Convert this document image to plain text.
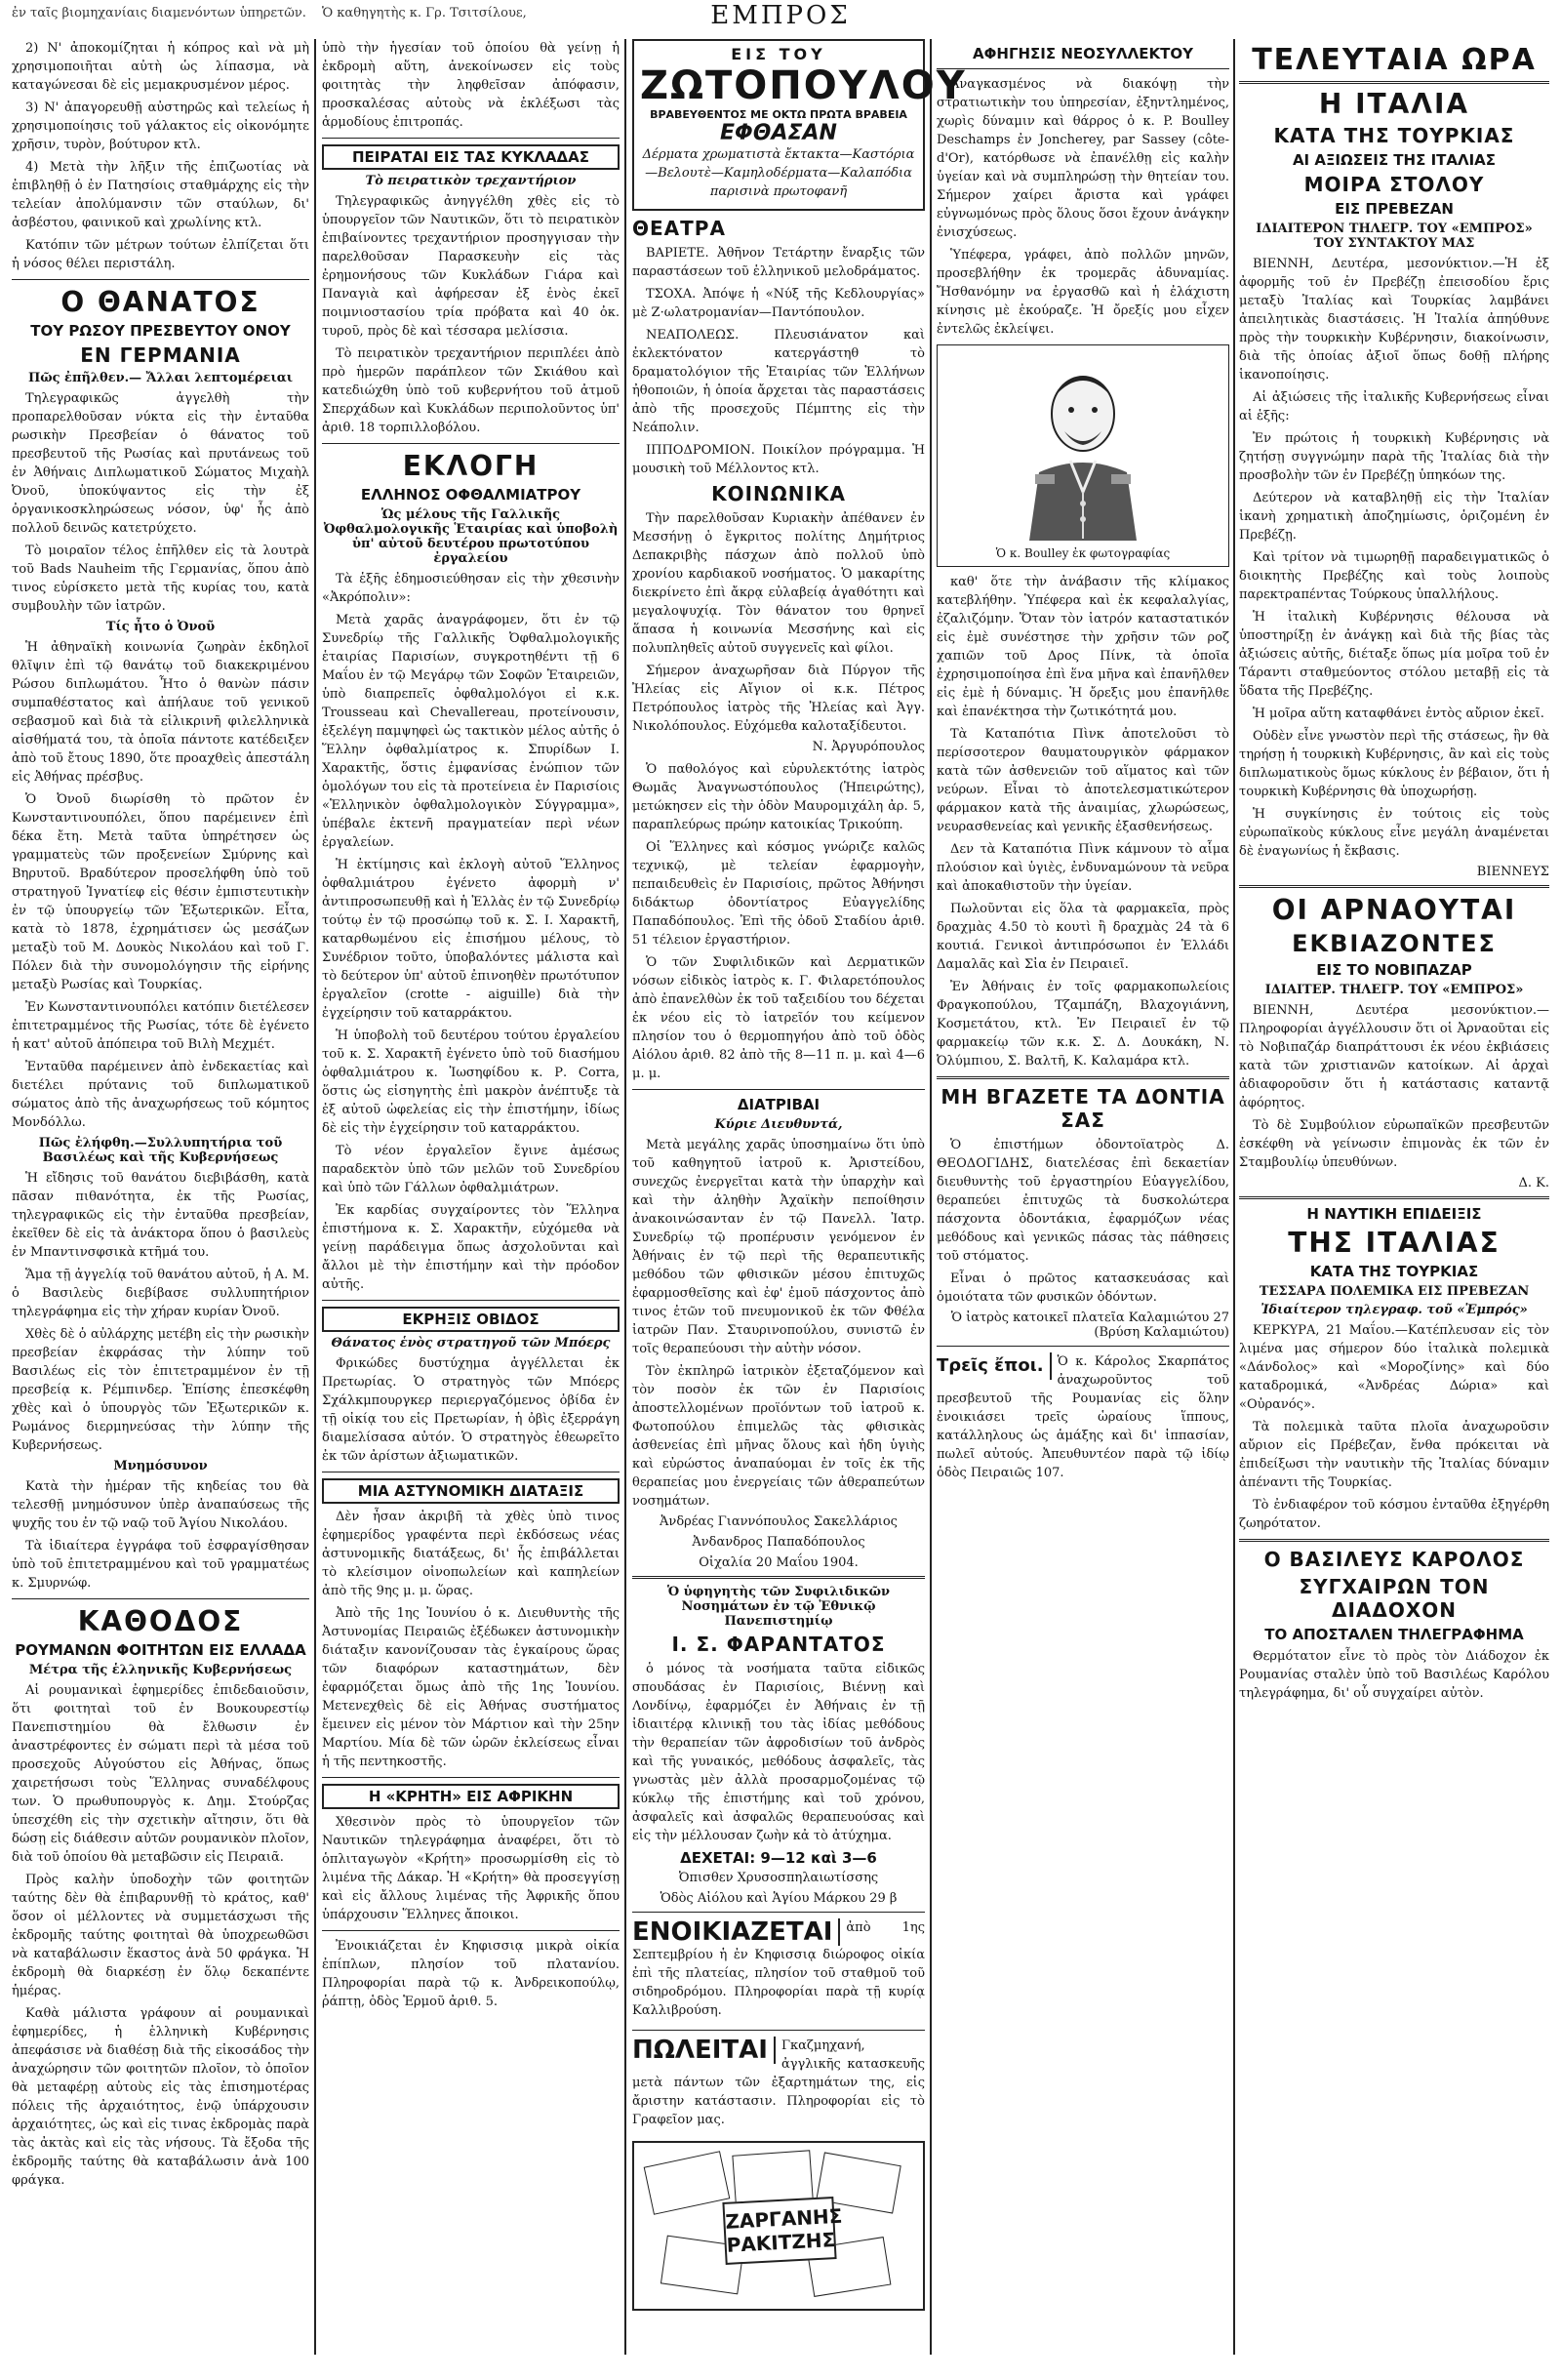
ἐν ταῖς βιομηχανίαις διαμενόντων ὑπηρετῶν. Ὁ καθηγητὴς κ. Γρ. Τσιτσίλουε,	ΕΜΠΡΟΣ

2) Ν' ἀποκομίζηται ἡ κόπρος καὶ νὰ μὴ χρησιμοποιῆται αὐτὴ ὡς λίπασμα, νὰ καταγώνεσαι δὲ εἰς μεμακρυσμένον μέρος.

3) Ν' ἀπαγορευθῇ αὐστηρῶς καὶ τελείως ἡ χρησιμοποίησις τοῦ γάλακτος εἰς οἰκονόμητε χρῆσιν, τυρὸν, βούτυρον κτλ.

4) Μετὰ τὴν λῆξιν τῆς ἐπιζωοτίας νὰ ἐπιβληθῇ ὁ ἐν Πατησίοις σταθμάρχης εἰς τὴν τελείαν ἀπολύμανσιν τῶν σταύλων, δι' ἀσβέστου, φαινικοῦ καὶ χρωλίνης κτλ.

Κατόπιν τῶν μέτρων τούτων ἐλπίζεται ὅτι ἡ νόσος θέλει περιστάλη.

Ο ΘΑΝΑΤΟΣ
ΤΟΥ ΡΩΣΟΥ ΠΡΕΣΒΕΥΤΟΥ ΟΝΟΥ
ΕΝ ΓΕΡΜΑΝΙΑ
Πῶς ἐπῆλθεν.— Ἄλλαι λεπτομέρειαι

Τηλεγραφικῶς ἀγγελθὴ τὴν προπαρελθοῦσαν νύκτα εἰς τὴν ἐνταῦθα ρωσικὴν Πρεσβείαν ὁ θάνατος τοῦ πρεσβευτοῦ τῆς Ρωσίας καὶ πρυτάνεως τοῦ ἐν Ἀθήναις Διπλωματικοῦ Σώματος Μιχαὴλ Ὀνοῦ, ὑποκύψαντος εἰς τὴν ἐξ ὀργανικοσκληρώσεως νόσον, ὑφ' ἧς ἀπὸ πολλοῦ δεινῶς κατετρύχετο.

Τὸ μοιραῖον τέλος ἐπῆλθεν εἰς τὰ λουτρὰ τοῦ Bads Nauheim τῆς Γερμανίας, ὅπου ἀπὸ τινος εὑρίσκετο μετὰ τῆς κυρίας του, κατὰ συμβουλὴν τῶν ἰατρῶν.

Τίς ἦτο ὁ Ὀνοῦ

Ἡ ἀθηναϊκὴ κοινωνία ζωηρὰν ἐκδηλοῖ θλῖψιν ἐπὶ τῷ θανάτῳ τοῦ διακεκριμένου Ρώσου διπλωμάτου. Ἦτο ὁ θανὼν πάσιν συμπαθέστατος καὶ ἀπήλαυε τοῦ γενικοῦ σεβασμοῦ καὶ διὰ τὰ εἰλικρινῆ φιλελληνικὰ αἰσθήματά του, τὰ ὁποῖα πάντοτε κατέδειξεν ἀπὸ τοῦ ἔτους 1890, ὅτε προαχθεὶς ἀπεστάλη εἰς Ἀθήνας πρέσβυς.

Ὁ Ὀνοῦ διωρίσθη τὸ πρῶτον ἐν Κωνσταντινουπόλει, ὅπου παρέμεινεν ἐπὶ δέκα ἔτη. Μετὰ ταῦτα ὑπηρέτησεν ὡς γραμματεὺς τῶν προξενείων Σμύρνης καὶ Βηρυτοῦ. Βραδύτερον προσελήφθη ὑπὸ τοῦ στρατηγοῦ Ἰγνατίεφ εἰς θέσιν ἐμπιστευτικὴν ἐν τῷ ὑπουργείῳ τῶν Ἐξωτερικῶν. Εἶτα, κατὰ τὸ 1878, ἐχρημάτισεν ὡς μεσάζων μεταξὺ τοῦ Μ. Δουκὸς Νικολάου καὶ τοῦ Γ. Πόλεν διὰ τὴν συνομολόγησιν τῆς εἰρήνης μεταξὺ Ρωσίας καὶ Τουρκίας.

Ἐν Κωνσταντινουπόλει κατόπιν διετέλεσεν ἐπιτετραμμένος τῆς Ρωσίας, τότε δὲ ἐγένετο ἡ κατ' αὐτοῦ ἀπόπειρα τοῦ Βιλὴ Μεχμέτ.

Ἐνταῦθα παρέμεινεν ἀπὸ ἐνδεκαετίας καὶ διετέλει πρύτανις τοῦ διπλωματικοῦ σώματος ἀπὸ τῆς ἀναχωρήσεως τοῦ κόμητος Μονδόλλω.

Πῶς ἐλήφθη.—Συλλυπητήρια τοῦ Βασιλέως καὶ τῆς Κυβερνήσεως

Ἡ εἴδησις τοῦ θανάτου διεβιβάσθη, κατὰ πᾶσαν πιθανότητα, ἐκ τῆς Ρωσίας, τηλεγραφικῶς εἰς τὴν ἐνταῦθα πρεσβείαν, ἐκεῖθεν δὲ εἰς τὰ ἀνάκτορα ὅπου ὁ βασιλεὺς ἐν Μπαντινσφσικὰ κτῆμά του.

Ἅμα τῇ ἀγγελίᾳ τοῦ θανάτου αὐτοῦ, ἡ Α. Μ. ὁ Βασιλεὺς διεβίβασε συλλυπητήριον τηλεγράφημα εἰς τὴν χήραν κυρίαν Ὀνοῦ.

Χθὲς δὲ ὁ αὐλάρχης μετέβη εἰς τὴν ρωσικὴν πρεσβείαν ἐκφράσας τὴν λύπην τοῦ Βασιλέως εἰς τὸν ἐπιτετραμμένον ἐν τῇ πρεσβείᾳ κ. Ρέμπινδερ. Ἐπίσης ἐπεσκέφθη χθὲς καὶ ὁ ὑπουργὸς τῶν Ἐξωτερικῶν κ. Ρωμάνος διερμηνεύσας τὴν λύπην τῆς Κυβερνήσεως.

Μνημόσυνον

Κατὰ τὴν ἡμέραν τῆς κηδείας του θὰ τελεσθῇ μνημόσυνον ὑπὲρ ἀναπαύσεως τῆς ψυχῆς του ἐν τῷ ναῷ τοῦ Ἁγίου Νικολάου.

Τὰ ἰδιαίτερα ἐγγράφα τοῦ ἐσφραγίσθησαν ὑπὸ τοῦ ἐπιτετραμμένου καὶ τοῦ γραμματέως κ. Σμυρνώφ.

ΚΑΘΟΔΟΣ
ΡΟΥΜΑΝΩΝ ΦΟΙΤΗΤΩΝ ΕΙΣ ΕΛΛΑΔΑ
Μέτρα τῆς ἑλληνικῆς Κυβερνήσεως

Αἱ ρουμανικαὶ ἐφημερίδες ἐπιδεδαιοῦσιν, ὅτι φοιτηταὶ τοῦ ἐν Βουκουρεστίῳ Πανεπιστημίου θὰ ἔλθωσιν ἐν ἀναστρέφοντες ἐν σώματι περὶ τὰ μέσα τοῦ προσεχοῦς Αὐγούστου εἰς Ἀθήνας, ὅπως χαιρετήσωσι τοὺς Ἕλληνας συναδέλφους των. Ὁ πρωθυπουργὸς κ. Δημ. Στούρζας ὑπεσχέθη εἰς τὴν σχετικὴν αἴτησιν, ὅτι θὰ δώσῃ εἰς διάθεσιν αὐτῶν ρουμανικὸν πλοῖον, διὰ τοῦ ὁποίου θὰ μεταβῶσιν εἰς Πειραιᾶ.

Πρὸς καλὴν ὑποδοχὴν τῶν φοιτητῶν ταύτης δὲν θὰ ἐπιβαρυνθῇ τὸ κράτος, καθ' ὅσον οἱ μέλλοντες νὰ συμμετάσχωσι τῆς ἐκδρομῆς ταύτης φοιτηταὶ θὰ ὑποχρεωθῶσι νὰ καταβάλωσιν ἕκαστος ἀνὰ 50 φράγκα. Ἡ ἐκδρομὴ θὰ διαρκέσῃ ἐν ὅλῳ δεκαπέντε ἡμέρας.

Καθὰ μάλιστα γράφουν αἱ ρουμανικαὶ ἐφημερίδες, ἡ ἑλληνικὴ Κυβέρνησις ἀπεφάσισε νὰ διαθέσῃ διὰ τῆς εἰκοσάδος τὴν ἀναχώρησιν τῶν φοιτητῶν πλοῖον, τὸ ὁποῖον θὰ μεταφέρῃ αὐτοὺς εἰς τὰς ἐπισημοτέρας πόλεις τῆς ἀρχαιότητος, ἐνῷ ὑπάρχουσιν ἀρχαιότητες, ὡς καὶ εἰς τινας ἐκδρομὰς παρὰ τὰς ἀκτὰς καὶ εἰς τὰς νήσους. Τὰ ἔξοδα τῆς ἐκδρομῆς ταύτης θὰ καταβάλωσιν ἀνὰ 100 φράγκα.

ὑπὸ τὴν ἡγεσίαν τοῦ ὁποίου θὰ γείνῃ ἡ ἐκδρομὴ αὕτη, ἀνεκοίνωσεν εἰς τοὺς φοιτητὰς τὴν ληφθεῖσαν ἀπόφασιν, προσκαλέσας αὐτοὺς νὰ ἐκλέξωσι τὰς ἁρμοδίους ἐπιτροπάς.

ΠΕΙΡΑΤΑΙ ΕΙΣ ΤΑΣ ΚΥΚΛΑΔΑΣ
Τὸ πειρατικὸν τρεχαντήριον

Τηλεγραφικῶς ἀνηγγέλθη χθὲς εἰς τὸ ὑπουργεῖον τῶν Ναυτικῶν, ὅτι τὸ πειρατικὸν ἐπιβαίνοντες τρεχαντήριον προσηγγισαν τὴν παρελθοῦσαν Παρασκευὴν εἰς τὰς ἐρημονήσους τῶν Κυκλάδων Γιάρα καὶ Παναγιὰ καὶ ἀφήρεσαν ἐξ ἑνὸς ἐκεῖ ποιμνιοστασίου τρία πρόβατα καὶ 40 ὀκ. τυροῦ, πρὸς δὲ καὶ τέσσαρα μελίσσια.

Τὸ πειρατικὸν τρεχαντήριον περιπλέει ἀπὸ πρὸ ἡμερῶν παράπλεον τῶν Σκιάθου καὶ κατεδιώχθη ὑπὸ τοῦ κυβερνήτου τοῦ ἀτμοῦ Σπερχάδων καὶ Κυκλάδων περιπολοῦντος ὑπ' ἀριθ. 18 τορπιλλοβόλου.

ΕΚΛΟΓΗ
ΕΛΛΗΝΟΣ ΟΦΘΑΛΜΙΑΤΡΟΥ
Ὡς μέλους τῆς Γαλλικῆς Ὀφθαλμολογικῆς Ἑταιρίας καὶ ὑποβολὴ ὑπ' αὐτοῦ δευτέρου πρωτοτύπου ἐργαλείου

Τὰ ἑξῆς ἐδημοσιεύθησαν εἰς τὴν χθεσινὴν «Ἀκρόπολιν»:

Μετὰ χαρᾶς ἀναγράφομεν, ὅτι ἐν τῷ Συνεδρίῳ τῆς Γαλλικῆς Ὀφθαλμολογικῆς ἑταιρίας Παρισίων, συγκροτηθέντι τῇ 6 Μαΐου ἐν τῷ Μεγάρῳ τῶν Σοφῶν Ἑταιρειῶν, ὑπὸ διαπρεπεῖς ὀφθαλμολόγοι εἰ κ.κ. Trousseau καὶ Chevallereau, προτείνουσιν, ἐξελέγη παμψηφεὶ ὡς τακτικὸν μέλος αὐτῆς ὁ Ἕλλην ὀφθαλμίατρος κ. Σπυρίδων Ι. Χαρακτῆς, ὅστις ἐμφανίσας ἐνώπιον τῶν ὁμολόγων του εἰς τὰ προτείνεια ἐν Παρισίοις «Ἑλληνικὸν ὀφθαλμολογικὸν Σύγγραμμα», ὑπέβαλε ἐκτενῆ πραγματείαν περὶ νέων ἐργαλείων.

Ἡ ἐκτίμησις καὶ ἐκλογὴ αὐτοῦ Ἕλληνος ὀφθαλμιάτρου ἐγένετο ἀφορμὴ ν' ἀντιπροσωπευθῇ καὶ ἡ Ἑλλὰς ἐν τῷ Συνεδρίῳ τούτῳ ἐν τῷ προσώπῳ τοῦ κ. Σ. Ι. Χαρακτῆ, καταρθωμένου εἰς ἐπισήμου μέλους, τὸ Συνέδριον τοῦτο, ὑποβαλόντες μάλιστα καὶ τὸ δεύτερον ὑπ' αὐτοῦ ἐπινοηθὲν πρωτότυπον ἐργαλεῖον (crotte - aiguille) διὰ τὴν ἐγχείρησιν τοῦ καταρράκτου.

Ἡ ὑποβολὴ τοῦ δευτέρου τούτου ἐργαλείου τοῦ κ. Σ. Χαρακτῆ ἐγένετο ὑπὸ τοῦ διασήμου ὀφθαλμιάτρου κ. Ἰωσηφίδου κ. Ρ. Corra, ὅστις ὡς εἰσηγητὴς ἐπὶ μακρὸν ἀνέπτυξε τὰ ἐξ αὐτοῦ ὠφελείας εἰς τὴν ἐπιστήμην, ἰδίως δὲ εἰς τὴν ἐγχείρησιν τοῦ καταρράκτου.

Τὸ νέον ἐργαλεῖον ἔγινε ἀμέσως παραδεκτὸν ὑπὸ τῶν μελῶν τοῦ Συνεδρίου καὶ ὑπὸ τῶν Γάλλων ὀφθαλμιάτρων.

Ἐκ καρδίας συγχαίροντες τὸν Ἕλληνα ἐπιστήμονα κ. Σ. Χαρακτῆν, εὐχόμεθα νὰ γείνῃ παράδειγμα ὅπως ἀσχολοῦνται καὶ ἄλλοι μὲ τὴν ἐπιστήμην καὶ τὴν πρόοδον αὐτῆς.

ΕΚΡΗΞΙΣ ΟΒΙΔΟΣ
Θάνατος ἑνὸς στρατηγοῦ τῶν Μπόερς

Φρικώδες δυστύχημα ἀγγέλλεται ἐκ Πρετωρίας. Ὁ στρατηγὸς τῶν Μπόερς Σχάλκμπουργκερ περιεργαζόμενος ὀβίδα ἐν τῇ οἰκίᾳ του εἰς Πρετωρίαν, ἡ ὀβὶς ἐξερράγη διαμελίσασα αὐτόν. Ὁ στρατηγὸς ἐθεωρεῖτο ἐκ τῶν ἀρίστων ἀξιωματικῶν.

ΜΙΑ ΑΣΤΥΝΟΜΙΚΗ ΔΙΑΤΑΞΙΣ

Δὲν ἦσαν ἀκριβῆ τὰ χθὲς ὑπὸ τινος ἐφημερίδος γραφέντα περὶ ἐκδόσεως νέας ἀστυνομικῆς διατάξεως, δι' ἧς ἐπιβάλλεται τὸ κλείσιμον οἰνοπωλείων καὶ καπηλείων ἀπὸ τῆς 9ης μ. μ. ὥρας.

Ἀπὸ τῆς 1ης Ἰουνίου ὁ κ. Διευθυντὴς τῆς Ἀστυνομίας Πειραιῶς ἐξέδωκεν ἀστυνομικὴν διάταξιν κανονίζουσαν τὰς ἐγκαίρους ὥρας τῶν διαφόρων καταστημάτων, δὲν ἐφαρμόζεται ὅμως ἀπὸ τῆς 1ης Ἰουνίου. Μετενεχθεὶς δὲ εἰς Ἀθήνας συστήματος ἔμεινεν εἰς μένον τὸν Μάρτιον καὶ τὴν 25ην Μαρτίου. Μία δὲ τῶν ὡρῶν ἐκλείσεως εἶναι ἡ τῆς πεντηκοστῆς.

Η «ΚΡΗΤΗ» ΕΙΣ ΑΦΡΙΚΗΝ

Χθεσινὸν πρὸς τὸ ὑπουργεῖον τῶν Ναυτικῶν τηλεγράφημα ἀναφέρει, ὅτι τὸ ὁπλιταγωγὸν «Κρήτη» προσωρμίσθη εἰς τὸ λιμένα τῆς Δάκαρ. Ἡ «Κρήτη» θὰ προσεγγίσῃ καὶ εἰς ἄλλους λιμένας τῆς Ἀφρικῆς ὅπου ὑπάρχουσιν Ἕλληνες ἄποικοι.

Ἐνοικιάζεται ἐν Κηφισσιᾳ μικρὰ οἰκία ἐπίπλων, πλησίον τοῦ πλατανίου. Πληροφορίαι παρὰ τῷ κ. Ἀνδρεικοπούλῳ, ῥάπτῃ, ὁδὸς Ἑρμοῦ ἀριθ. 5.

ΕΙΣ ΤΟΥ
ΖΩΤΟΠΟΥΛΟΥ
ΒΡΑΒΕΥΘΕΝΤΟΣ ΜΕ ΟΚΤΩ ΠΡΩΤΑ ΒΡΑΒΕΙΑ
ΕΦΘΑΣΑΝ

Δέρματα χρωματιστὰ ἔκτακτα—Καστόρια—Βελουτὲ—Καμηλοδέρματα—Καλαπόδια παρισινὰ πρωτοφανῆ

ΘΕΑΤΡΑ

ΒΑΡΙΕΤΕ. Ἀθῆνον Τετάρτην ἔναρξις τῶν παραστάσεων τοῦ ἑλληνικοῦ μελοδράματος.

ΤΣΟΧΑ. Ἀπόψε ἡ «Νύξ τῆς Κεδλουργίας» μὲ Ζ·ωλατρομανίαν—Παντόπουλον.

ΝΕΑΠΟΛΕΩΣ. Πλευσιάνατον καὶ ἐκλεκτόνατον κατεργάστηθ τὸ δραματολόγιον τῆς Ἑταιρίας τῶν Ἑλλήνων ἠθοποιῶν, ἡ ὁποία ἄρχεται τὰς παραστάσεις ἀπὸ τῆς προσεχοῦς Πέμπτης εἰς τὴν Νεάπολιν.

ΙΠΠΟΔΡΟΜΙΟΝ. Ποικίλον πρόγραμμα. Ἡ μουσικὴ τοῦ Μέλλοντος κτλ.

ΚΟΙΝΩΝΙΚΑ

Τὴν παρελθοῦσαν Κυριακὴν ἀπέθανεν ἐν Μεσσήνῃ ὁ ἔγκριτος πολίτης Δημήτριος Δεπακριβὴς πάσχων ἀπὸ πολλοῦ ὑπὸ χρονίου καρδιακοῦ νοσήματος. Ὁ μακαρίτης διεκρίνετο ἐπὶ ἄκρᾳ εὐλαβείᾳ ἀγαθότητι καὶ μεγαλοψυχίᾳ. Τὸν θάνατον του θρηνεῖ ἅπασα ἡ κοινωνία Μεσσήνης καὶ εἰς πολυπληθεῖς αὐτοῦ συγγενεῖς καὶ φίλοι.

Σήμερον ἀναχωρῆσαν διὰ Πύργον τῆς Ἠλείας εἰς Αἴγιον οἱ κ.κ. Πέτρος Πετρόπουλος ἰατρὸς τῆς Ἠλείας καὶ Ἀγγ. Νικολόπουλος. Εὐχόμεθα καλοταξίδευτοι.

Ν. Ἀργυρόπουλος

Ὁ παθολόγος καὶ εὐρυλεκτότης ἰατρὸς Θωμᾶς Ἀναγνωστόπουλος (Ἠπειρώτης), μετώκησεν εἰς τὴν ὁδὸν Μαυρομιχάλη ἀρ. 5, παραπλεύρως πρώην κατοικίας Τρικούπη.

Οἱ Ἕλληνες καὶ κόσμος γνώριζε καλῶς τεχνικῷ, μὲ τελείαν ἐφαρμογὴν, πεπαιδευθεὶς ἐν Παρισίοις, πρῶτος Ἀθήνησι διδάκτωρ ὀδοντίατρος Εὐαγγελίδης Παπαδόπουλος. Ἐπὶ τῆς ὁδοῦ Σταδίου ἀριθ. 51 τέλειον ἐργαστήριον.

Ὁ τῶν Συφιλιδικῶν καὶ Δερματικῶν νόσων εἰδικὸς ἰατρὸς κ. Γ. Φιλαρετόπουλος ἀπὸ ἐπανελθὼν ἐκ τοῦ ταξειδίου του δέχεται ἐκ νέου εἰς τὸ ἰατρεῖόν του κείμενον πλησίον του ὁ θερμοπηγήου ἀπὸ τοῦ ὁδὸς Αἰόλου ἀριθ. 82 ἀπὸ τῆς 8—11 π. μ. καὶ 4—6 μ. μ.

ΔΙΑΤΡΙΒΑΙ
Κύριε Διευθυντά,

Μετὰ μεγάλης χαρᾶς ὑποσημαίνω ὅτι ὑπὸ τοῦ καθηγητοῦ ἰατροῦ κ. Ἀριστείδου, συνεχῶς ἐνεργεῖται κατὰ τὴν ὑπαρχὴν καὶ καὶ τὴν ἀληθὴν Ἀχαϊκὴν πεποίθησιν ἀνακοινώσανταν ἐν τῷ Πανελλ. Ἰατρ. Συνεδρίῳ τῷ προπέρυσιν γενόμενον ἐν Ἀθήναις ἐν τῷ περὶ τῆς θεραπευτικῆς μεθόδου τῶν φθισικῶν μέσου ἐπιτυχῶς ἐφαρμοσθεῖσης καὶ ἐφ' ἐμοῦ πάσχοντος ἀπὸ τινος ἐτῶν τοῦ πνευμονικοῦ ἐκ τῶν Φθέλα ἰατρῶν Παν. Σταυρινοπούλου, συνιστῶ ἐν τοῖς θεραπεύουσι τὴν αὐτὴν νόσον.

Τὸν ἐκπληρῶ ἰατρικὸν ἐξεταζόμενον καὶ τὸν ποσὸν ἐκ τῶν ἐν Παρισίοις ἀποστελλομένων προϊόντων τοῦ ἰατροῦ κ. Φωτοπούλου ἐπιμελῶς τὰς φθισικὰς ἀσθενείας ἐπὶ μῆνας ὅλους καὶ ἡδη ὑγιὴς καὶ εὐρώστος ἀναπαύομαι ἐν τοῖς ἐκ τῆς θεραπείας μου ἐνεργείαις τῶν ἀθεραπεύτων νοσημάτων.

Ἀνδρέας Γιαννόπουλος Σακελλάριος
Ἀνδανδρος Παπαδόπουλος
Οἰχαλία 20 Μαΐου 1904.
Ὁ ὑφηγητὴς τῶν Συφιλιδικῶν Νοσημάτων ἐν τῷ Ἐθνικῷ Πανεπιστημίῳ
Ι. Σ. ΦΑΡΑΝΤΑΤΟΣ

ὁ μόνος τὰ νοσήματα ταῦτα εἰδικῶς σπουδάσας ἐν Παρισίοις, Βιέννῃ καὶ Λονδίνῳ, ἐφαρμόζει ἐν Ἀθήναις ἐν τῇ ἰδιαιτέρᾳ κλινικῇ του τὰς ἰδίας μεθόδους τὴν θεραπείαν τῶν ἀφροδισίων τοῦ ἀνδρὸς καὶ τῆς γυναικός, μεθόδους ἀσφαλεῖς, τὰς γνωστὰς μὲν ἀλλὰ προσαρμοζομένας τῷ κύκλῳ τῆς ἐπιστήμης καὶ τοῦ χρόνου, ἀσφαλεῖς καὶ ἀσφαλῶς θεραπευούσας καὶ εἰς τὴν μέλλουσαν ζωὴν κἀ τὸ ἀτύχημα.

ΔΕΧΕΤΑΙ: 9—12 καὶ 3—6
Ὀπισθεν Χρυσοσπηλαιωτίσσης
Ὁδὸς Αἰόλου καὶ Ἁγίου Μάρκου 29 β
ΕΝΟΙΚΙΑΖΕΤΑΙ	ἀπὸ 1ης Σεπτεμβρίου ἡ ἐν Κηφισσιᾳ διώροφος οἰκία ἐπὶ τῆς πλατείας, πλησίον τοῦ σταθμοῦ τοῦ σιδηροδρόμου. Πληροφορίαι παρὰ τῇ κυρίᾳ Καλλιβρούση.

ΠΩΛΕΙΤΑΙ	Γκαζμηχανή, ἀγγλικῆς κατασκευῆς μετὰ πάντων τῶν ἐξαρτημάτων της, εἰς ἄριστην κατάστασιν. Πληροφορίαι εἰς τὸ Γραφεῖον μας.

ΖΑΡΓΑΝΗΣ
ΡΑΚΙΤΖΗΣ
ΑΦΗΓΗΣΙΣ ΝΕΟΣΥΛΛΕΚΤΟΥ

Ἀναγκασμένος νὰ διακόψῃ τὴν στρατιωτικὴν του ὑπηρεσίαν, ἐξηντλημένος, χωρὶς δύναμιν καὶ θάρρος ὁ κ. P. Boulley Deschamps ἐν Joncherey, par Sassey (côte-d'Or), κατόρθωσε νὰ ἐπανέλθῃ εἰς καλὴν ὑγείαν καὶ νὰ συμπληρώσῃ τὴν θητείαν του. Σήμερον χαίρει ἄριστα καὶ γράφει εὐγνωμόνως πρὸς ὅλους ὅσοι ἔχουν ἀνάγκην ἐνισχύσεως.

Ὑπέφερα, γράφει, ἀπὸ πολλῶν μηνῶν, προσεβλήθην ἐκ τρομερᾶς ἀδυναμίας. Ἤσθανόμην να ἐργασθῶ καὶ ἡ ἐλάχιστη κίνησις μὲ ἐκούραζε. Ἡ ὄρεξίς μου εἶχεν ἐντελῶς ἐκλείψει.

Ὁ κ. Boulley ἐκ φωτογραφίας

καθ' ὅτε τὴν ἀνάβασιν τῆς κλίμακος κατεβλήθην. Ὑπέφερα καὶ ἐκ κεφαλαλγίας, ἐζαλιζόμην. Ὅταν τὸν ἰατρόν καταστατικόν εἰς ἐμὲ συνέστησε τὴν χρῆσιν τῶν ροζ χαπιῶν τοῦ Δρος Πίνκ, τὰ ὁποῖα ἐχρησιμοποίησα ἐπὶ ἕνα μῆνα καὶ ἐπανῆλθεν εἰς ἐμὲ ἡ δύναμις. Ἡ ὄρεξις μου ἐπανῆλθε καὶ ἐπανέκτησα τὴν ζωτικότητά μου.

Τὰ Καταπότια Πὶνκ ἀποτελοῦσι τὸ περίσσοτερον θαυματουργικὸν φάρμακον κατὰ τῶν ἀσθενειῶν τοῦ αἵματος καὶ τῶν νεύρων. Εἶναι τὸ ἀποτελεσματικώτερον φάρμακον κατὰ τῆς ἀναιμίας, χλωρώσεως, νευρασθενείας καὶ γενικῆς ἐξασθενήσεως.

Δεν τὰ Καταπότια Πὶνκ κάμνουν τὸ αἷμα πλούσιον καὶ ὑγιὲς, ἐνδυναμώνουν τὰ νεῦρα καὶ ἀποκαθιστοῦν τὴν ὑγείαν.

Πωλοῦνται εἰς ὅλα τὰ φαρμακεῖα, πρὸς δραχμὰς 4.50 τὸ κουτὶ ἢ δραχμὰς 24 τὰ 6 κουτιά. Γενικοὶ ἀντιπρόσωποι ἐν Ἑλλάδι Δαμαλᾶς καὶ Σἰα ἐν Πειραιεῖ.

Ἐν Ἀθήναις ἐν τοῖς φαρμακοπωλείοις Φραγκοπούλου, Τζαμπάζη, Βλαχογιάννη, Κοσμετάτου, κτλ. Ἐν Πειραιεῖ ἐν τῷ φαρμακείῳ τῶν κ.κ. Σ. Δ. Δουκάκη, Ν. Ὀλύμπιου, Σ. Βαλτῆ, Κ. Καλαμάρα κτλ.

ΜΗ ΒΓΑΖΕΤΕ ΤΑ ΔΟΝΤΙΑ ΣΑΣ

Ὁ ἐπιστήμων ὀδοντοϊατρὸς Δ. ΘΕΟΔΟΓΙΔΗΣ, διατελέσας ἐπὶ δεκαετίαν διευθυντὴς τοῦ ἐργαστηρίου Εὐαγγελίδου, θεραπεύει ἐπιτυχῶς τὰ δυσκολώτερα πάσχοντα ὀδοντάκια, ἐφαρμόζων νέας μεθόδους καὶ γενικῶς πάσας τὰς πάθησεις τοῦ στόματος.

Εἶναι ὁ πρῶτος κατασκευάσας καὶ ὁμοιότατα τῶν φυσικῶν ὀδόντων.

Ὁ ἰατρὸς κατοικεῖ πλατεῖα Καλαμιώτου 27 (Βρύση Καλαμιώτου)
Τρεῖς ἔποι.	Ὁ κ. Κάρολος Σκαρπάτος ἀναχωροῦντος τοῦ πρεσβευτοῦ τῆς Ρουμανίας εἰς ὅλην ἐνοικιάσει τρεῖς ὡραίους ἵππους, κατάλληλους ὡς ἁμάξης καὶ δι' ἱππασίαν, πωλεῖ αὐτούς. Ἀπευθυντέον παρὰ τῷ ἰδίῳ ὁδὸς Πειραιῶς 107.

ΤΕΛΕΥΤΑΙΑ ΩΡΑ
Η ΙΤΑΛΙΑ
ΚΑΤΑ ΤΗΣ ΤΟΥΡΚΙΑΣ
ΑΙ ΑΞΙΩΣΕΙΣ ΤΗΣ ΙΤΑΛΙΑΣ
ΜΟΙΡΑ ΣΤΟΛΟΥ
ΕΙΣ ΠΡΕΒΕΖΑΝ
ΙΔΙΑΙΤΕΡΟΝ ΤΗΛΕΓΡ. ΤΟΥ «ΕΜΠΡΟΣ» ΤΟΥ ΣΥΝΤΑΚΤΟΥ ΜΑΣ

ΒΙΕΝΝΗ, Δευτέρα, μεσονύκτιον.—Ἡ ἐξ ἀφορμῆς τοῦ ἐν Πρεβέζῃ ἐπεισοδίου ἔρις μεταξὺ Ἰταλίας καὶ Τουρκίας λαμβάνει ἀπειλητικὰς διαστάσεις. Ἡ Ἰταλία ἀπηύθυνε πρὸς τὴν τουρκικὴν Κυβέρνησιν, διακοίνωσιν, διὰ τῆς ὁποίας ἀξιοῖ ὅπως δοθῇ πλήρης ἱκανοποίησις.

Αἱ ἀξιώσεις τῆς ἰταλικῆς Κυβερνήσεως εἶναι αἱ ἑξῆς:

Ἐν πρώτοις ἡ τουρκικὴ Κυβέρνησις νὰ ζητήσῃ συγγνώμην παρὰ τῆς Ἰταλίας διὰ τὴν προσβολὴν τῶν ἐν Πρεβέζῃ ὑπηκόων της.

Δεύτερον νὰ καταβληθῇ εἰς τὴν Ἰταλίαν ἱκανὴ χρηματικὴ ἀποζημίωσις, ὁριζομένη ἐν Πρεβέζῃ.

Καὶ τρίτον νὰ τιμωρηθῇ παραδειγματικῶς ὁ διοικητὴς Πρεβέζης καὶ τοὺς λοιποὺς παρεκτραπέντας Τούρκους ὑπαλλήλους.

Ἡ ἰταλικὴ Κυβέρνησις θέλουσα νὰ ὑποστηρίξῃ ἐν ἀνάγκῃ καὶ διὰ τῆς βίας τὰς ἀξιώσεις αὐτῆς, διέταξε ὅπως μία μοῖρα τοῦ ἐν Τάραντι σταθμεύοντος στόλου μεταβῇ εἰς τὰ ὕδατα τῆς Πρεβέζης.

Ἡ μοῖρα αὕτη καταφθάνει ἐντὸς αὔριον ἐκεῖ.

Οὐδὲν εἶνε γνωστὸν περὶ τῆς στάσεως, ἣν θὰ τηρήσῃ ἡ τουρκικὴ Κυβέρνησις, ἂν καὶ εἰς τοὺς διπλωματικοὺς ὅμως κύκλους ἐν βέβαιον, ὅτι ἡ τουρκικὴ Κυβέρνησις θὰ ὑποχωρήσῃ.

Ἡ συγκίνησις ἐν τούτοις εἰς τοὺς εὐρωπαϊκοὺς κύκλους εἶνε μεγάλη ἀναμένεται δὲ ἐναγωνίως ἡ ἔκβασις.

ΒΙΕΝΝΕΥΣ
ΟΙ ΑΡΝΑΟΥΤΑΙ
ΕΚΒΙΑΖΟΝΤΕΣ
ΕΙΣ ΤΟ ΝΟΒΙΠΑΖΑΡ
ΙΔΙΑΙΤΕΡ. ΤΗΛΕΓΡ. ΤΟΥ «ΕΜΠΡΟΣ»

ΒΙΕΝΝΗ, Δευτέρα μεσονύκτιον.—Πληροφορίαι ἀγγέλλουσιν ὅτι οἱ Ἀρναοῦται εἰς τὸ Νοβιπαζάρ διαπράττουσι ἐκ νέου ἐκβιάσεις κατὰ τῶν χριστιανῶν κατοίκων. Αἱ ἀρχαὶ ἀδιαφοροῦσιν ὅτι ἡ κατάστασις καταντᾷ ἀφόρητος.

Τὸ δὲ Συμβούλιον εὐρωπαϊκῶν πρεσβευτῶν ἐσκέφθη νὰ γείνωσιν ἐπιμονὰς ἐκ τῶν ἐν Σταμβουλίῳ ὑπευθύνων.

Δ. Κ.
Η ΝΑΥΤΙΚΗ ΕΠΙΔΕΙΞΙΣ
ΤΗΣ ΙΤΑΛΙΑΣ
ΚΑΤΑ ΤΗΣ ΤΟΥΡΚΙΑΣ
ΤΕΣΣΑΡΑ ΠΟΛΕΜΙΚΑ ΕΙΣ ΠΡΕΒΕΖΑΝ
Ἰδιαίτερον τηλεγραφ. τοῦ «Ἐμπρός»

ΚΕΡΚΥΡΑ, 21 Μαΐου.—Κατέπλευσαν εἰς τὸν λιμένα μας σήμερον δύο ἰταλικὰ πολεμικὰ «Δάνδολος» καὶ «Μοροζίνης» καὶ δύο καταδρομικά, «Ἀνδρέας Δώρια» καὶ «Οὐρανός».

Τὰ πολεμικὰ ταῦτα πλοῖα ἀναχωροῦσιν αὔριον εἰς Πρέβεζαν, ἔνθα πρόκειται νὰ ἐπιδείξωσι τὴν ναυτικὴν τῆς Ἰταλίας δύναμιν ἀπέναντι τῆς Τουρκίας.

Τὸ ἐνδιαφέρον τοῦ κόσμου ἐνταῦθα ἐξηγέρθη ζωηρότατον.

Ο ΒΑΣΙΛΕΥΣ ΚΑΡΟΛΟΣ
ΣΥΓΧΑΙΡΩΝ ΤΟΝ ΔΙΑΔΟΧΟΝ
ΤΟ ΑΠΟΣΤΑΛΕΝ ΤΗΛΕΓΡΑΦΗΜΑ

Θερμότατον εἶνε τὸ πρὸς τὸν Διάδοχον ἐκ Ρουμανίας σταλὲν ὑπὸ τοῦ Βασιλέως Καρόλου τηλεγράφημα, δι' οὗ συγχαίρει αὐτὸν.
